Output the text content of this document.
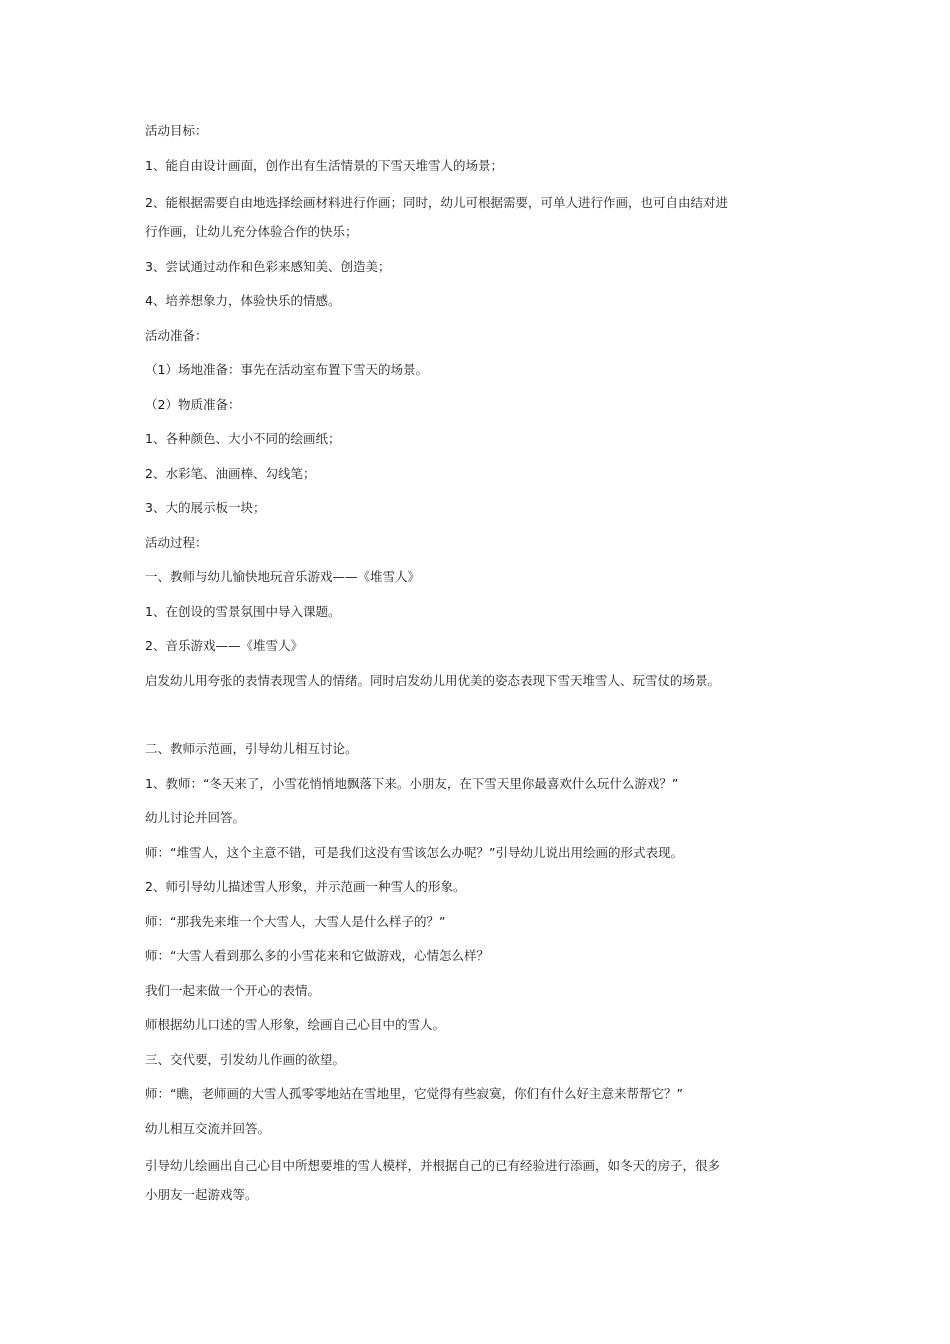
活动目标：
1、能自由设计画面，创作出有生活情景的下雪天堆雪人的场景；
2、能根据需要自由地选择绘画材料进行作画；同时，幼儿可根据需要，可单人进行作画，也可自由结对进
行作画，让幼儿充分体验合作的快乐；
3、尝试通过动作和色彩来感知美、创造美；
4、培养想象力，体验快乐的情感。
活动准备：
（1）场地准备：事先在活动室布置下雪天的场景。
（2）物质准备：
1、各种颜色、大小不同的绘画纸；
2、水彩笔、油画棒、勾线笔；
3、大的展示板一块；
活动过程：
一、教师与幼儿愉快地玩音乐游戏——《堆雪人》
1、在创设的雪景氛围中导入课题。
2、音乐游戏——《堆雪人》
启发幼儿用夸张的表情表现雪人的情绪。同时启发幼儿用优美的姿态表现下雪天堆雪人、玩雪仗的场景。
二、教师示范画，引导幼儿相互讨论。
1、教师：“冬天来了，小雪花悄悄地飘落下来。小朋友，在下雪天里你最喜欢什么玩什么游戏？”
幼儿讨论并回答。
师：“堆雪人，这个主意不错，可是我们这没有雪该怎么办呢？”引导幼儿说出用绘画的形式表现。
2、师引导幼儿描述雪人形象，并示范画一种雪人的形象。
师：“那我先来堆一个大雪人，大雪人是什么样子的？”
师：“大雪人看到那么多的小雪花来和它做游戏，心情怎么样？
我们一起来做一个开心的表情。
师根据幼儿口述的雪人形象，绘画自己心目中的雪人。
三、交代要，引发幼儿作画的欲望。
师：“瞧，老师画的大雪人孤零零地站在雪地里，它觉得有些寂寞，你们有什么好主意来帮帮它？”
幼儿相互交流并回答。
引导幼儿绘画出自己心目中所想要堆的雪人模样，并根据自己的已有经验进行添画，如冬天的房子，很多
小朋友一起游戏等。
